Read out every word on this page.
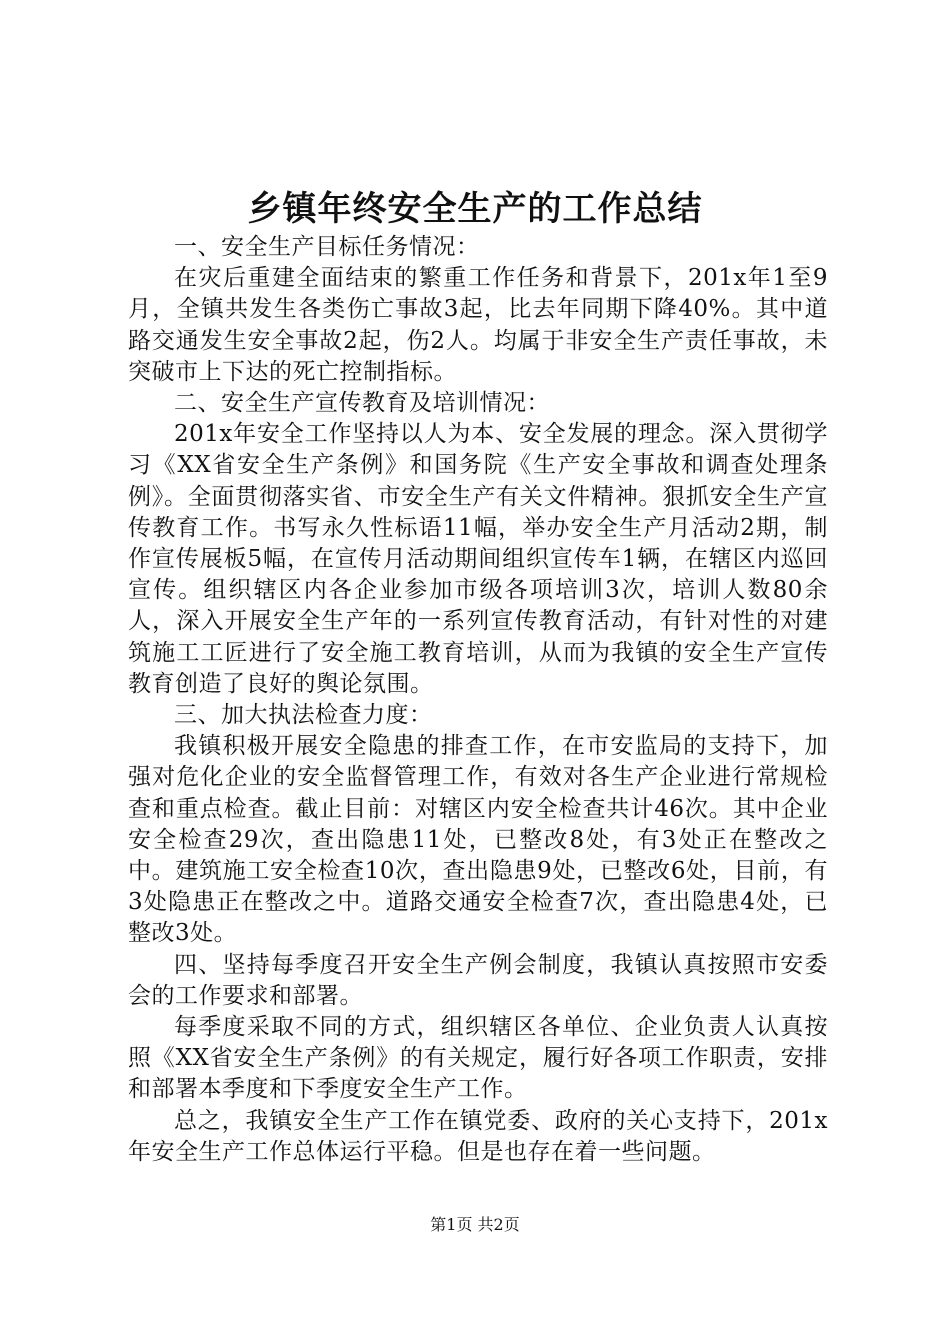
乡镇年终安全生产的工作总结

一、安全生产目标任务情况：

在灾后重建全面结束的繁重工作任务和背景下，201x年1至9月，全镇共发生各类伤亡事故3起，比去年同期下降40%。其中道路交通发生安全事故2起，伤2人。均属于非安全生产责任事故，未突破市上下达的死亡控制指标。

二、安全生产宣传教育及培训情况：

201x年安全工作坚持以人为本、安全发展的理念。深入贯彻学习《XX省安全生产条例》和国务院《生产安全事故和调查处理条例》。全面贯彻落实省、市安全生产有关文件精神。狠抓安全生产宣传教育工作。书写永久性标语11幅，举办安全生产月活动2期，制作宣传展板5幅，在宣传月活动期间组织宣传车1辆，在辖区内巡回宣传。组织辖区内各企业参加市级各项培训3次，培训人数80余人，深入开展安全生产年的一系列宣传教育活动，有针对性的对建筑施工工匠进行了安全施工教育培训，从而为我镇的安全生产宣传教育创造了良好的舆论氛围。

三、加大执法检查力度：

我镇积极开展安全隐患的排查工作，在市安监局的支持下，加强对危化企业的安全监督管理工作，有效对各生产企业进行常规检查和重点检查。截止目前：对辖区内安全检查共计46次。其中企业安全检查29次，查出隐患11处，已整改8处，有3处正在整改之中。建筑施工安全检查10次，查出隐患9处，已整改6处，目前，有3处隐患正在整改之中。道路交通安全检查7次，查出隐患4处，已整改3处。

四、坚持每季度召开安全生产例会制度，我镇认真按照市安委会的工作要求和部署。

每季度采取不同的方式，组织辖区各单位、企业负责人认真按照《XX省安全生产条例》的有关规定，履行好各项工作职责，安排和部署本季度和下季度安全生产工作。

总之，我镇安全生产工作在镇党委、政府的关心支持下，201x年安全生产工作总体运行平稳。但是也存在着一些问题。

第1页 共2页
